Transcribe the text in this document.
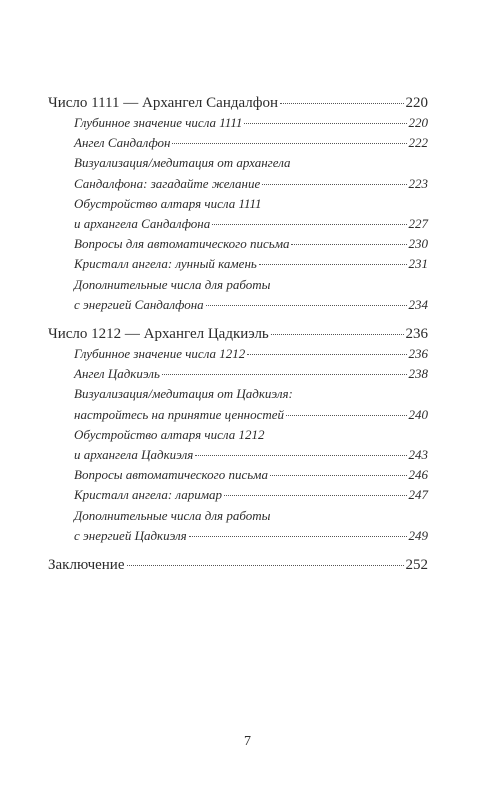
Число 1111 — Архангел Сандалфон	220
Глубинное значение числа 1111	220
Ангел Сандалфон	222
Визуализация/медитация от архангела
Сандалфона: загадайте желание	223
Обустройство алтаря числа 1111
и архангела Сандалфона	227
Вопросы для автоматического письма	230
Кристалл ангела: лунный камень	231
Дополнительные числа для работы
с энергией Сандалфона	234
Число 1212 — Архангел Цадкиэль	236
Глубинное значение числа 1212	236
Ангел Цадкиэль	238
Визуализация/медитация от Цадкиэля:
настройтесь на принятие ценностей	240
Обустройство алтаря числа 1212
и архангела Цадкиэля	243
Вопросы автоматического письма	246
Кристалл ангела: ларимар	247
Дополнительные числа для работы
с энергией Цадкиэля	249
Заключение	252
7
